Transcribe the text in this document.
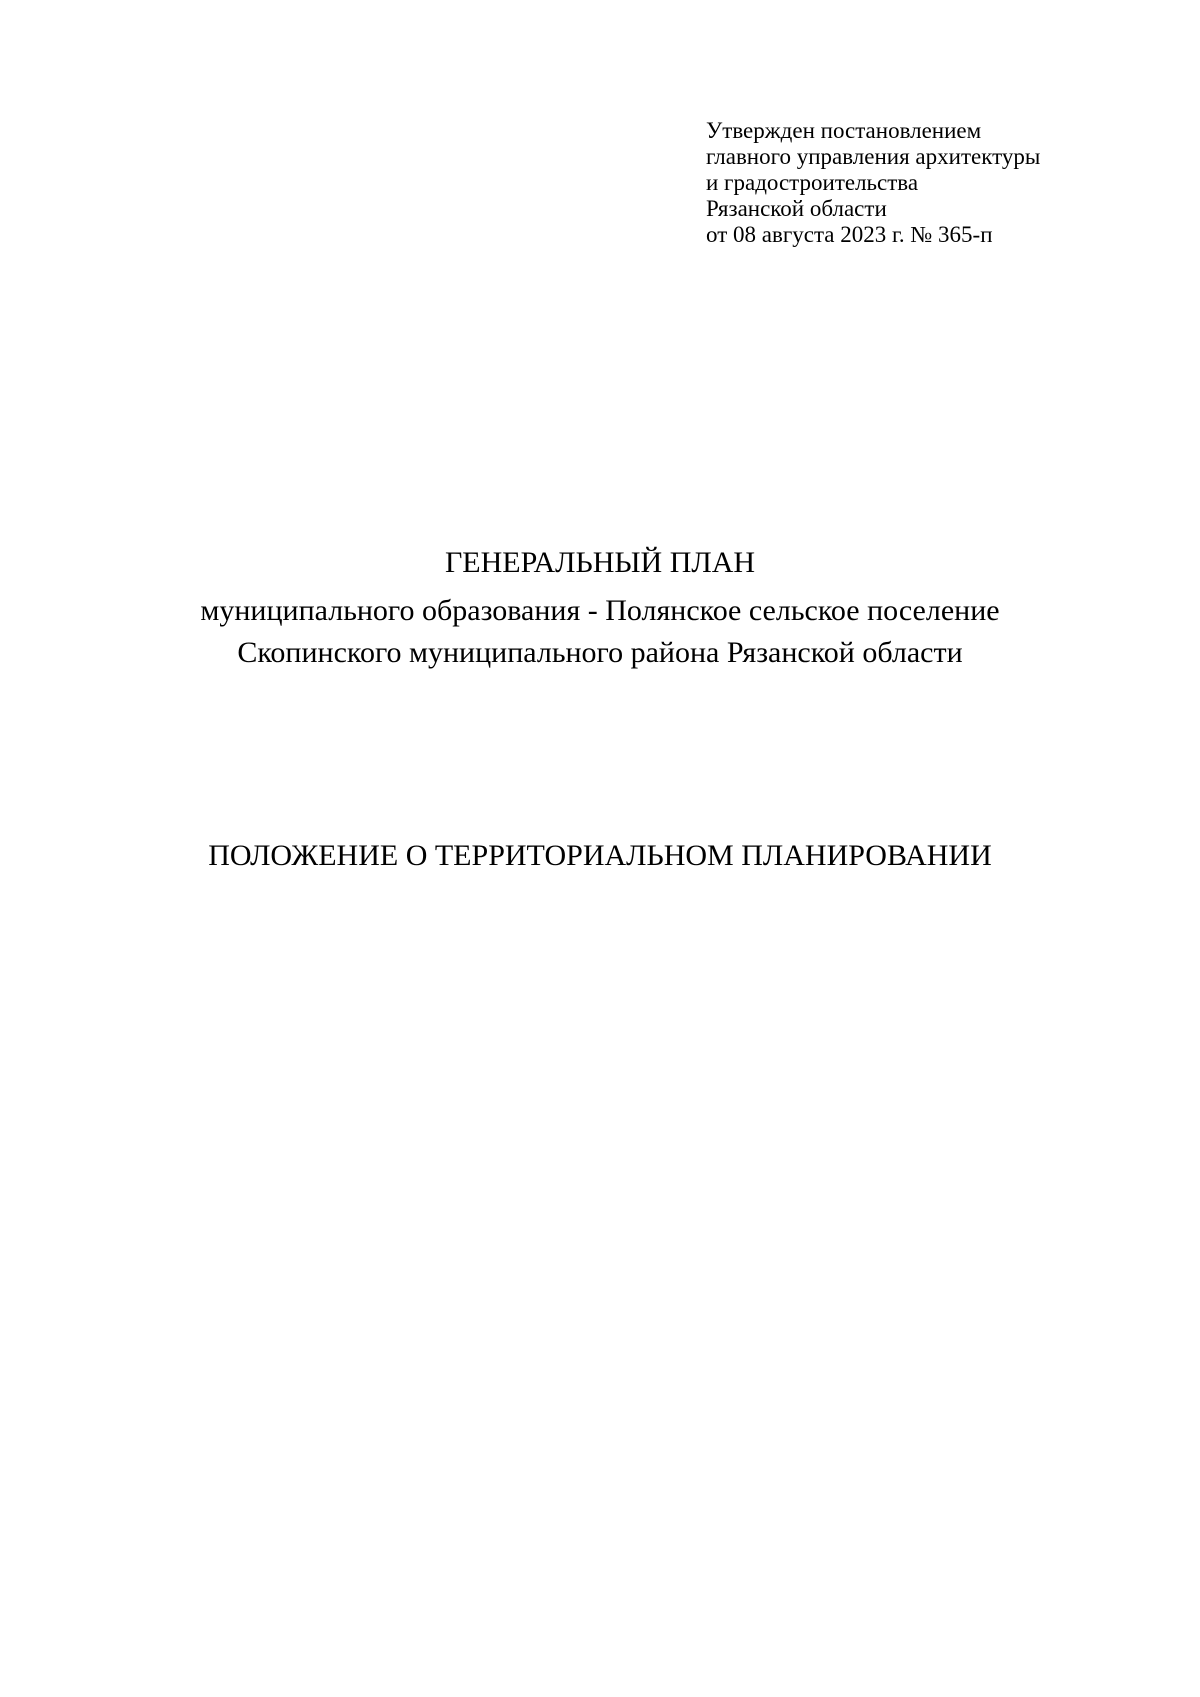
Утвержден постановлением
главного управления архитектуры
и градостроительства
Рязанской области
от 08 августа 2023 г. № 365-п
ГЕНЕРАЛЬНЫЙ ПЛАН
муниципального образования - Полянское сельское поселение
Скопинского муниципального района Рязанской области
ПОЛОЖЕНИЕ О ТЕРРИТОРИАЛЬНОМ ПЛАНИРОВАНИИ
